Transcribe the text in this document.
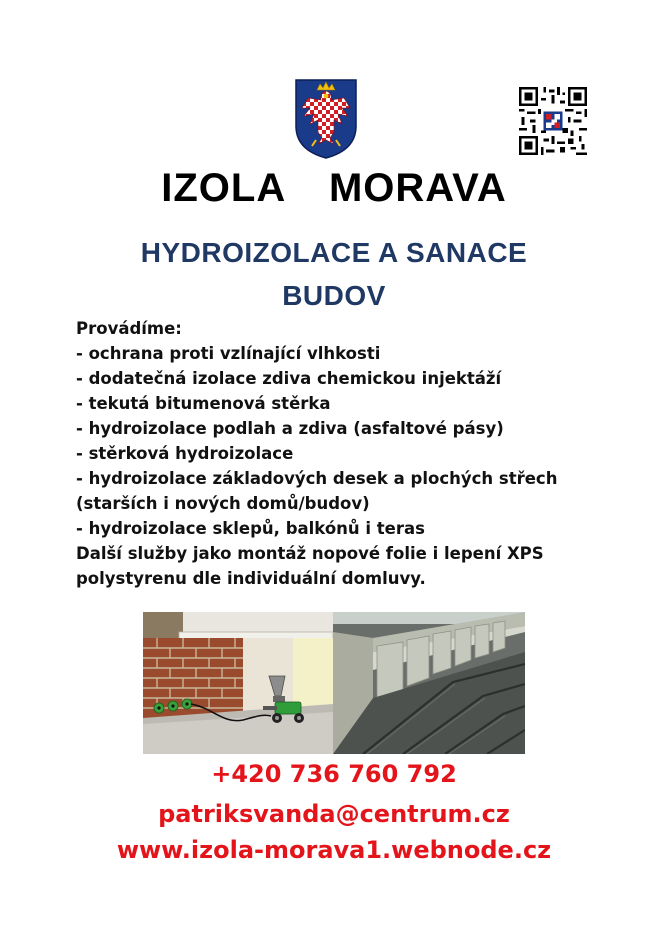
IZOLA  MORAVA
HYDROIZOLACE A SANACE
BUDOV
Provádíme:
- ochrana proti vzlínající vlhkosti
- dodatečná izolace zdiva chemickou injektáží
- tekutá bitumenová stěrka
- hydroizolace podlah a zdiva (asfaltové pásy)
- stěrková hydroizolace
- hydroizolace základových desek a plochých střech
(starších i nových domů/budov)
- hydroizolace sklepů, balkónů i teras
Další služby jako montáž nopové folie i lepení XPS
polystyrenu dle individuální domluvy.
+420 736 760 792
patriksvanda@centrum.cz
www.izola-morava1.webnode.cz
